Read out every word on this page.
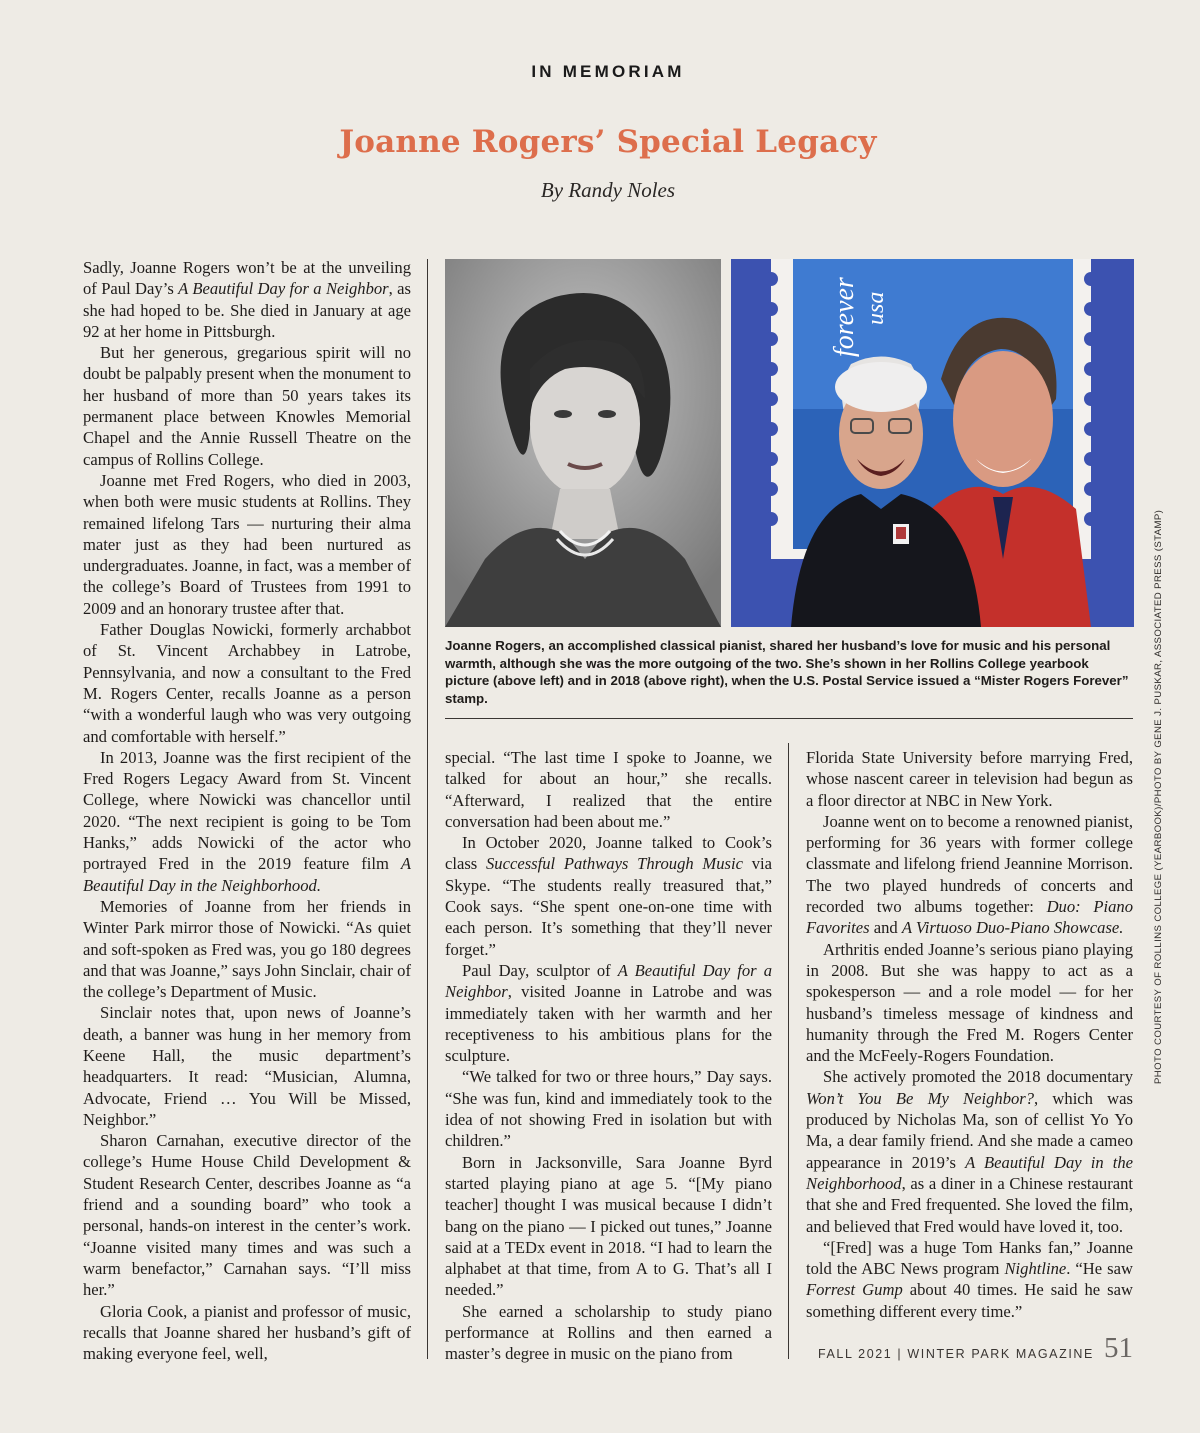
IN MEMORIAM
Joanne Rogers’ Special Legacy
By Randy Noles
forever usa
Joanne Rogers, an accomplished classical pianist, shared her husband’s love for music and his personal warmth, although she was the more outgoing of the two. She’s shown in her Rollins College yearbook picture (above left) and in 2018 (above right), when the U.S. Postal Service issued a “Mister Rogers Forever” stamp.

Sadly, Joanne Rogers won’t be at the unveiling of Paul Day’s A Beautiful Day for a Neighbor, as she had hoped to be. She died in January at age 92 at her home in Pittsburgh.

But her generous, gregarious spirit will no doubt be palpably present when the monument to her husband of more than 50 years takes its permanent place between Knowles Memorial Chapel and the Annie Russell Theatre on the campus of Rollins College.

Joanne met Fred Rogers, who died in 2003, when both were music students at Rollins. They remained lifelong Tars — nurturing their alma mater just as they had been nurtured as undergraduates. Joanne, in fact, was a member of the college’s Board of Trustees from 1991 to 2009 and an honorary trustee after that.

Father Douglas Nowicki, formerly archabbot of St. Vincent Archabbey in Latrobe, Pennsylvania, and now a consultant to the Fred M. Rogers Center, recalls Joanne as a person “with a wonderful laugh who was very outgoing and comfortable with herself.”

In 2013, Joanne was the first recipient of the Fred Rogers Legacy Award from St. Vincent College, where Nowicki was chancellor until 2020. “The next recipient is going to be Tom Hanks,” adds Nowicki of the actor who portrayed Fred in the 2019 feature film A Beautiful Day in the Neighborhood.

Memories of Joanne from her friends in Winter Park mirror those of Nowicki. “As quiet and soft-spoken as Fred was, you go 180 degrees and that was Joanne,” says John Sinclair, chair of the college’s Department of Music.

Sinclair notes that, upon news of Joanne’s death, a banner was hung in her memory from Keene Hall, the music department’s headquarters. It read: “Musician, Alumna, Advocate, Friend … You Will be Missed, Neighbor.”

Sharon Carnahan, executive director of the college’s Hume House Child Development & Student Research Center, describes Joanne as “a friend and a sounding board” who took a personal, hands-on interest in the center’s work. “Joanne visited many times and was such a warm benefactor,” Carnahan says. “I’ll miss her.”

Gloria Cook, a pianist and professor of music, recalls that Joanne shared her husband’s gift of making everyone feel, well,

special. “The last time I spoke to Joanne, we talked for about an hour,” she recalls. “Afterward, I realized that the entire conversation had been about me.”

In October 2020, Joanne talked to Cook’s class Successful Pathways Through Music via Skype. “The students really treasured that,” Cook says. “She spent one-on-one time with each person. It’s something that they’ll never forget.”

Paul Day, sculptor of A Beautiful Day for a Neighbor, visited Joanne in Latrobe and was immediately taken with her warmth and her receptiveness to his ambitious plans for the sculpture.

“We talked for two or three hours,” Day says. “She was fun, kind and immediately took to the idea of not showing Fred in isolation but with children.”

Born in Jacksonville, Sara Joanne Byrd started playing piano at age 5. “[My piano teacher] thought I was musical because I didn’t bang on the piano — I picked out tunes,” Joanne said at a TEDx event in 2018. “I had to learn the alphabet at that time, from A to G. That’s all I needed.”

She earned a scholarship to study piano performance at Rollins and then earned a master’s degree in music on the piano from

Florida State University before marrying Fred, whose nascent career in television had begun as a floor director at NBC in New York.

Joanne went on to become a renowned pianist, performing for 36 years with former college classmate and lifelong friend Jeannine Morrison. The two played hundreds of concerts and recorded two albums together: Duo: Piano Favorites and A Virtuoso Duo-Piano Showcase.

Arthritis ended Joanne’s serious piano playing in 2008. But she was happy to act as a spokesperson — and a role model — for her husband’s timeless message of kindness and humanity through the Fred M. Rogers Center and the McFeely-Rogers Foundation.

She actively promoted the 2018 documentary Won’t You Be My Neighbor?, which was produced by Nicholas Ma, son of cellist Yo Yo Ma, a dear family friend. And she made a cameo appearance in 2019’s A Beautiful Day in the Neighborhood, as a diner in a Chinese restaurant that she and Fred frequented. She loved the film, and believed that Fred would have loved it, too.

“[Fred] was a huge Tom Hanks fan,” Joanne told the ABC News program Nightline. “He saw Forrest Gump about 40 times. He said he saw something different every time.”

PHOTO COURTESY OF ROLLINS COLLEGE (YEARBOOK)/PHOTO BY GENE J. PUSKAR, ASSOCIATED PRESS (STAMP)
FALL 2021 | WINTER PARK MAGAZINE 51
